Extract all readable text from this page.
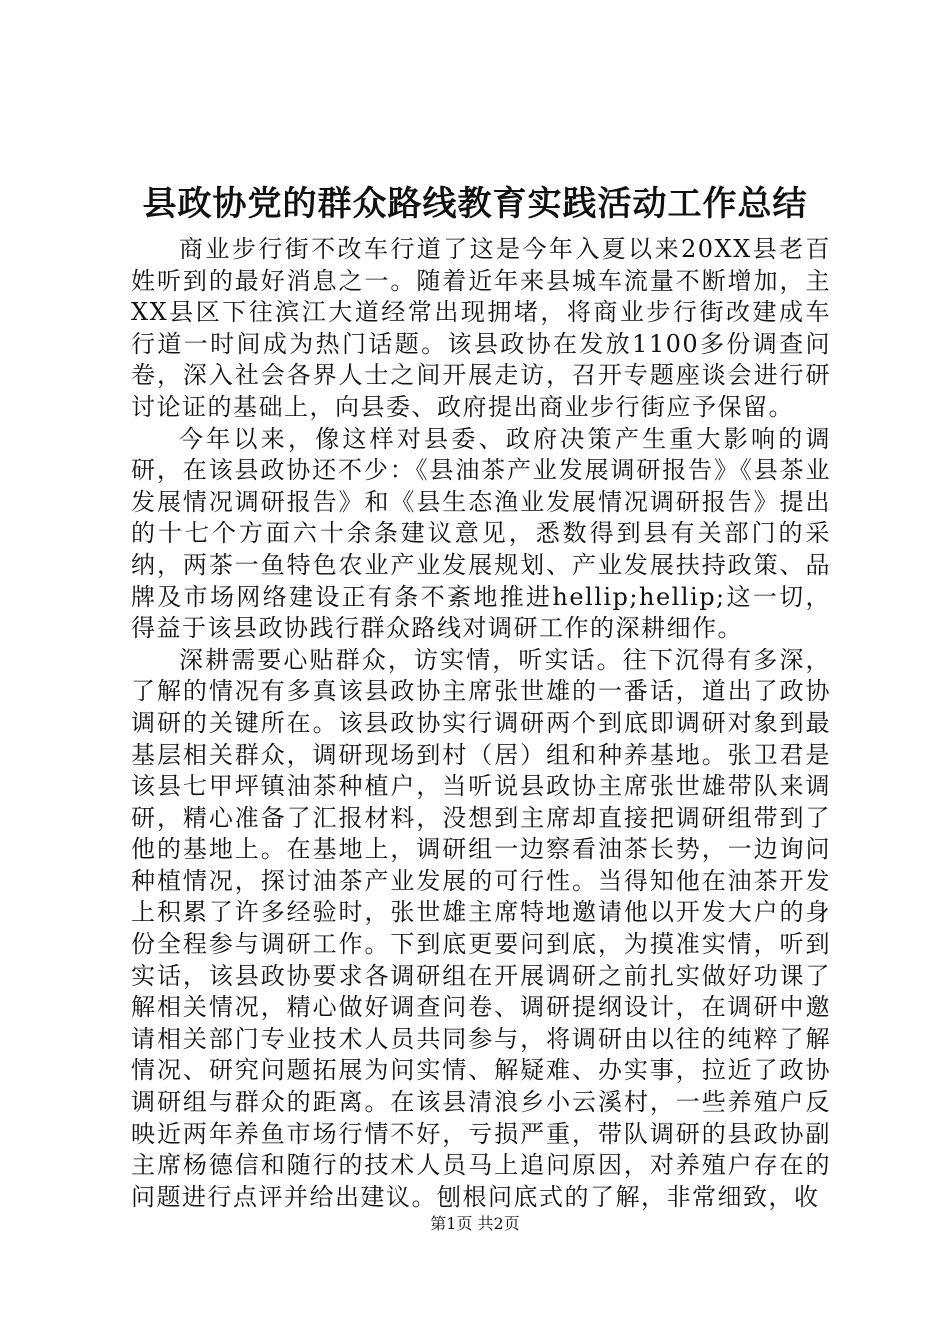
县政协党的群众路线教育实践活动工作总结

商业步行街不改车行道了这是今年入夏以来20XX县老百姓听到的最好消息之一。随着近年来县城车流量不断增加，主XX县区下往滨江大道经常出现拥堵，将商业步行街改建成车行道一时间成为热门话题。该县政协在发放1100多份调查问卷，深入社会各界人士之间开展走访，召开专题座谈会进行研讨论证的基础上，向县委、政府提出商业步行街应予保留。

今年以来，像这样对县委、政府决策产生重大影响的调研，在该县政协还不少：《县油茶产业发展调研报告》《县茶业发展情况调研报告》和《县生态渔业发展情况调研报告》提出的十七个方面六十余条建议意见，悉数得到县有关部门的采纳，两茶一鱼特色农业产业发展规划、产业发展扶持政策、品牌及市场网络建设正有条不紊地推进hellip;hellip;这一切，得益于该县政协践行群众路线对调研工作的深耕细作。

深耕需要心贴群众，访实情，听实话。往下沉得有多深，了解的情况有多真该县政协主席张世雄的一番话，道出了政协调研的关键所在。该县政协实行调研两个到底即调研对象到最基层相关群众，调研现场到村（居）组和种养基地。张卫君是该县七甲坪镇油茶种植户，当听说县政协主席张世雄带队来调研，精心准备了汇报材料，没想到主席却直接把调研组带到了他的基地上。在基地上，调研组一边察看油茶长势，一边询问种植情况，探讨油茶产业发展的可行性。当得知他在油茶开发上积累了许多经验时，张世雄主席特地邀请他以开发大户的身份全程参与调研工作。下到底更要问到底，为摸准实情，听到实话，该县政协要求各调研组在开展调研之前扎实做好功课了解相关情况，精心做好调查问卷、调研提纲设计，在调研中邀请相关部门专业技术人员共同参与，将调研由以往的纯粹了解情况、研究问题拓展为问实情、解疑难、办实事，拉近了政协调研组与群众的距离。在该县清浪乡小云溪村，一些养殖户反映近两年养鱼市场行情不好，亏损严重，带队调研的县政协副主席杨德信和随行的技术人员马上追问原因，对养殖户存在的问题进行点评并给出建议。刨根问底式的了解，非常细致，收

第1页 共2页
